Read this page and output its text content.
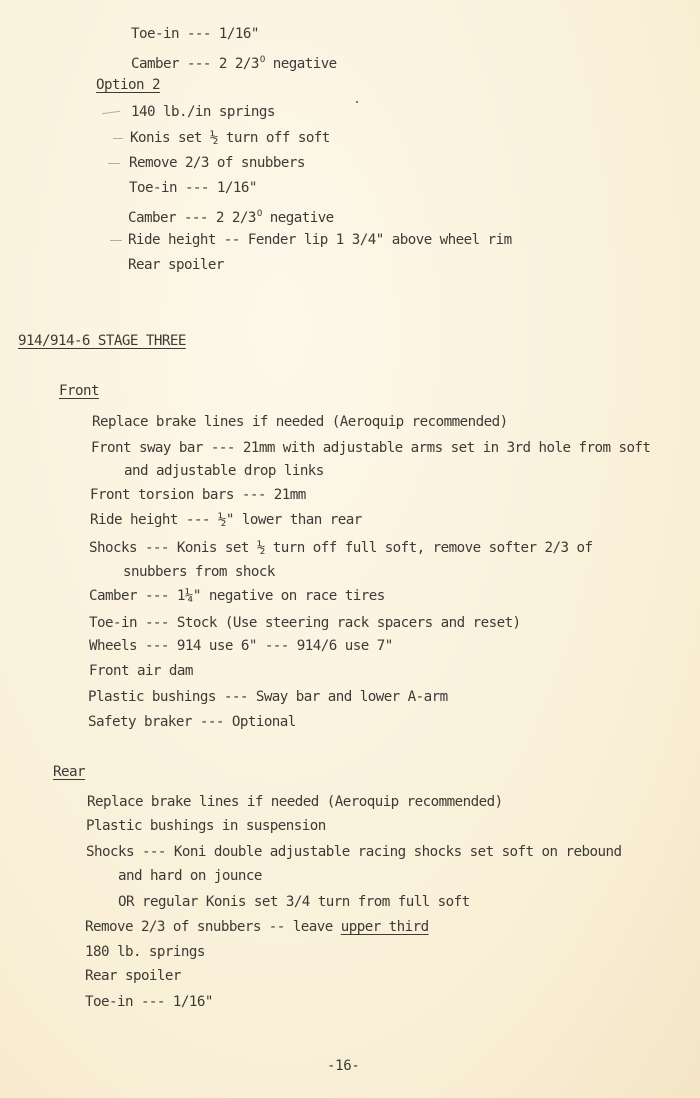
Toe-in --- 1/16"
Camber --- 2 $2/3^O$ negative
Option 2
140 lb./in springs
Konis set ½ turn off soft
Remove 2/3 of snubbers
Toe-in --- 1/16"
Camber --- 2 $2/3^O$ negative
Ride height -- Fender lip 1 3/4" above wheel rim
Rear spoiler
914/914-6 STAGE THREE
Front
Replace brake lines if needed (Aeroquip recommended)
Front sway bar --- 21mm with adjustable arms set in 3rd hole from soft
and adjustable drop links
Front torsion bars --- 21mm
Ride height --- ½" lower than rear
Shocks --- Konis set ½ turn off full soft, remove softer 2/3 of
snubbers from shock
Camber --- 1¼" negative on race tires
Toe-in --- Stock (Use steering rack spacers and reset)
Wheels --- 914 use 6" --- 914/6 use 7"
Front air dam
Plastic bushings --- Sway bar and lower A-arm
Safety braker --- Optional
Rear
Replace brake lines if needed (Aeroquip recommended)
Plastic bushings in suspension
Shocks --- Koni double adjustable racing shocks set soft on rebound
and hard on jounce
OR regular Konis set 3/4 turn from full soft
Remove 2/3 of snubbers -- leave upper third
180 lb. springs
Rear spoiler
Toe-in --- 1/16"
-16-
